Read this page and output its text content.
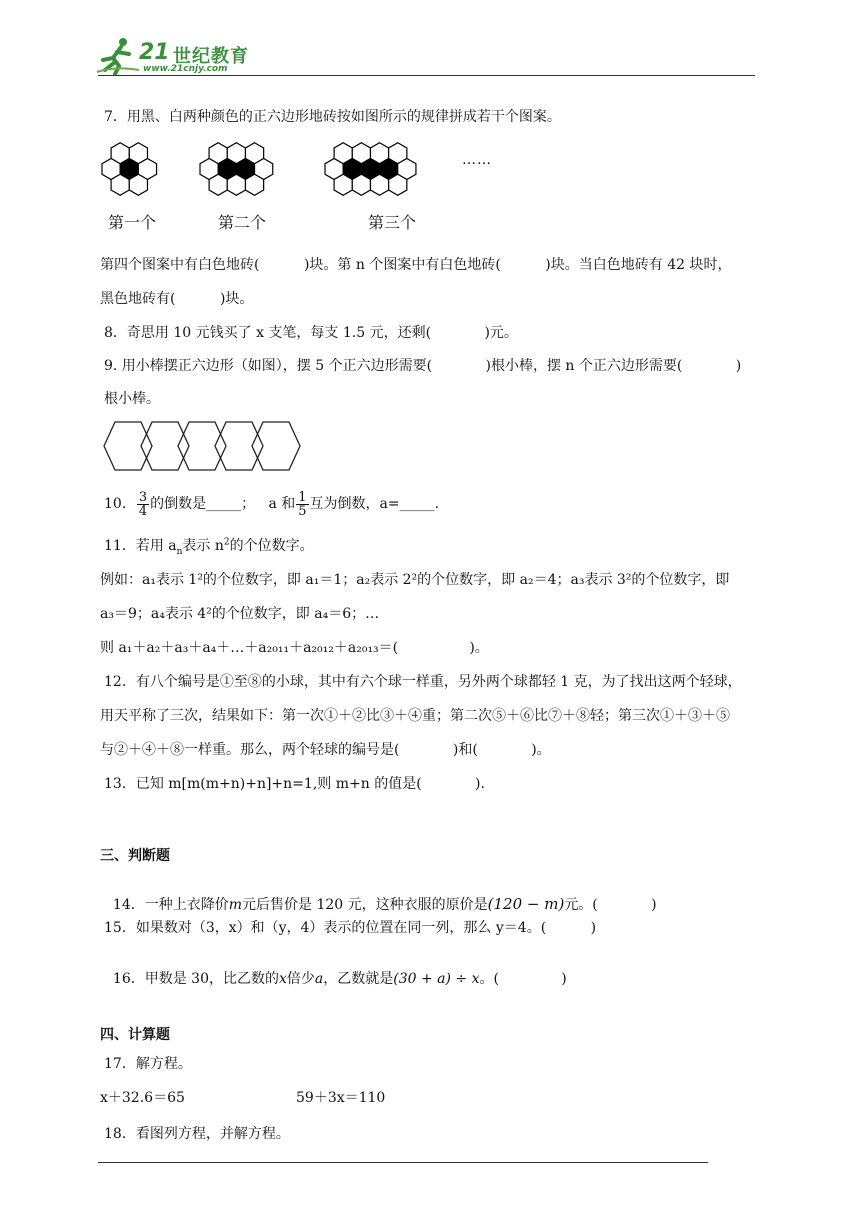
21 世纪教育
www.21cnjy.com
7．用黑、白两种颜色的正六边形地砖按如图所示的规律拼成若干个图案。
第一个	第二个	第三个
……
第四个图案中有白色地砖(          )块。第 n 个图案中有白色地砖(          )块。当白色地砖有 42 块时，
黑色地砖有(          )块。
8．奇思用 10 元钱买了 x 支笔，每支 1.5 元，还剩(            )元。
9. 用小棒摆正六边形（如图），摆 5 个正六边形需要(            )根小棒，摆 n 个正六边形需要(            )
根小棒。
10． $\frac{3}{4}$ 的倒数是_____；   a 和 $\frac{1}{5}$ 互为倒数，a=_____.
11．若用 $a_n$表示 $n^2$的个位数字。
例如：a₁表示 1²的个位数字，即 a₁＝1；a₂表示 2²的个位数字，即 a₂＝4；a₃表示 3²的个位数字，即
a₃＝9；a₄表示 4²的个位数字，即 a₄＝6；…
则 a₁＋a₂＋a₃＋a₄＋…＋a₂₀₁₁＋a₂₀₁₂＋a₂₀₁₃＝(                )。
12．有八个编号是①至⑧的小球，其中有六个球一样重，另外两个球都轻 1 克，为了找出这两个轻球，
用天平称了三次，结果如下：第一次①＋②比③＋④重；第二次⑤＋⑥比⑦＋⑧轻；第三次①＋③＋⑤
与②＋④＋⑧一样重。那么，两个轻球的编号是(            )和(            )。
13．已知 m[m(m+n)+n]+n=1,则 m+n 的值是(            ).
三、判断题

14．一种上衣降价m元后售价是 120 元，这种衣服的原价是(120 − m)元。(            )

15．如果数对（3，x）和（y，4）表示的位置在同一列，那么 y＝4。(          )

16．甲数是 30，比乙数的x倍少a，乙数就是(30 + a) ÷ x。(              )

四、计算题
17．解方程。
x＋32.6＝65	59＋3x＝110
18．看图列方程，并解方程。
